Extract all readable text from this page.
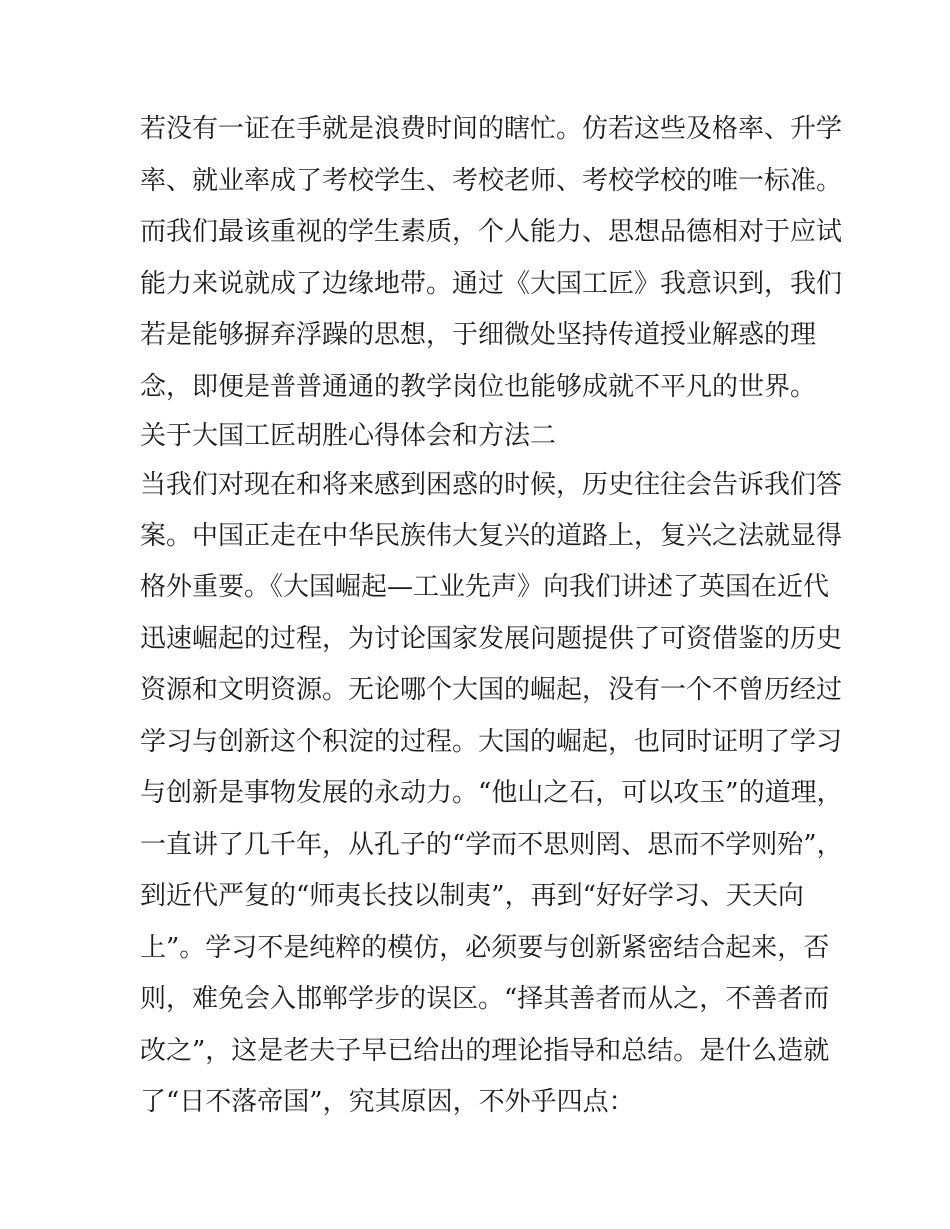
若没有一证在手就是浪费时间的瞎忙。仿若这些及格率、升学

率、就业率成了考校学生、考校老师、考校学校的唯一标准。

而我们最该重视的学生素质，个人能力、思想品德相对于应试

能力来说就成了边缘地带。通过《大国工匠》我意识到，我们

若是能够摒弃浮躁的思想，于细微处坚持传道授业解惑的理

念，即便是普普通通的教学岗位也能够成就不平凡的世界。

关于大国工匠胡胜心得体会和方法二

当我们对现在和将来感到困惑的时候，历史往往会告诉我们答

案。中国正走在中华民族伟大复兴的道路上，复兴之法就显得

格外重要。《大国崛起—工业先声》向我们讲述了英国在近代

迅速崛起的过程，为讨论国家发展问题提供了可资借鉴的历史

资源和文明资源。无论哪个大国的崛起，没有一个不曾历经过

学习与创新这个积淀的过程。大国的崛起，也同时证明了学习

与创新是事物发展的永动力。“他山之石，可以攻玉”的道理，

一直讲了几千年，从孔子的“学而不思则罔、思而不学则殆”，

到近代严复的“师夷长技以制夷”，再到“好好学习、天天向

上”。学习不是纯粹的模仿，必须要与创新紧密结合起来，否

则，难免会入邯郸学步的误区。“择其善者而从之，不善者而

改之”，这是老夫子早已给出的理论指导和总结。是什么造就

了“日不落帝国”，究其原因，不外乎四点：
